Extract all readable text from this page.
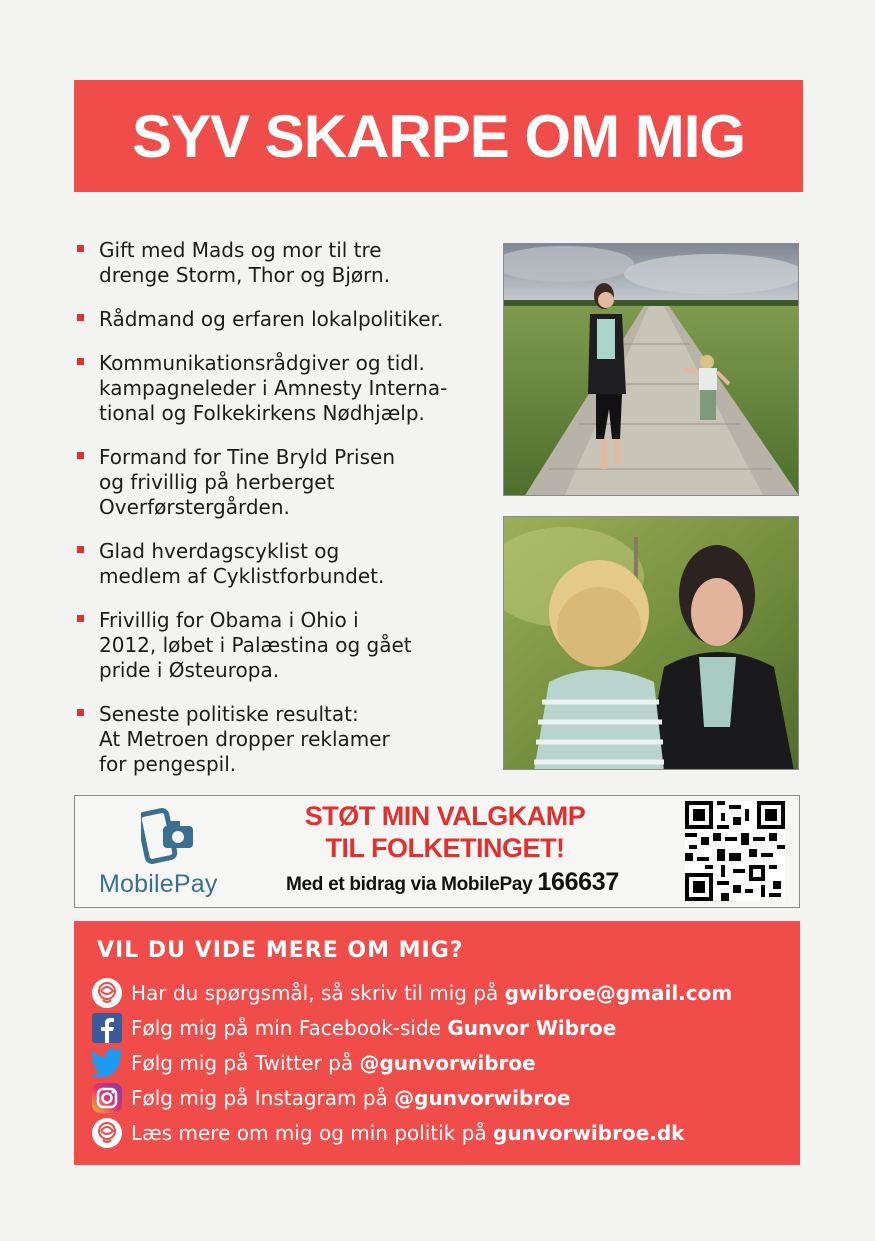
SYV SKARPE OM MIG
Gift med Mads og mor til tre
drenge Storm, Thor og Bjørn.
Rådmand og erfaren lokalpolitiker.
Kommunikationsrådgiver og tidl.
kampagneleder i Amnesty Interna-
tional og Folkekirkens Nødhjælp.
Formand for Tine Bryld Prisen
og frivillig på herberget
Overførstergården.
Glad hverdagscyklist og
medlem af Cyklistforbundet.
Frivillig for Obama i Ohio i
2012, løbet i Palæstina og gået
pride i Østeuropa.
Seneste politiske resultat:
At Metroen dropper reklamer
for pengespil.
MobilePay
STØT MIN VALGKAMP
TIL FOLKETINGET!
Med et bidrag via MobilePay 166637
VIL DU VIDE MERE OM MIG?
Har du spørgsmål, så skriv til mig på gwibroe@gmail.com
Følg mig på min Facebook-side Gunvor Wibroe
Følg mig på Twitter på @gunvorwibroe
Følg mig på Instagram på @gunvorwibroe
Læs mere om mig og min politik på gunvorwibroe.dk
